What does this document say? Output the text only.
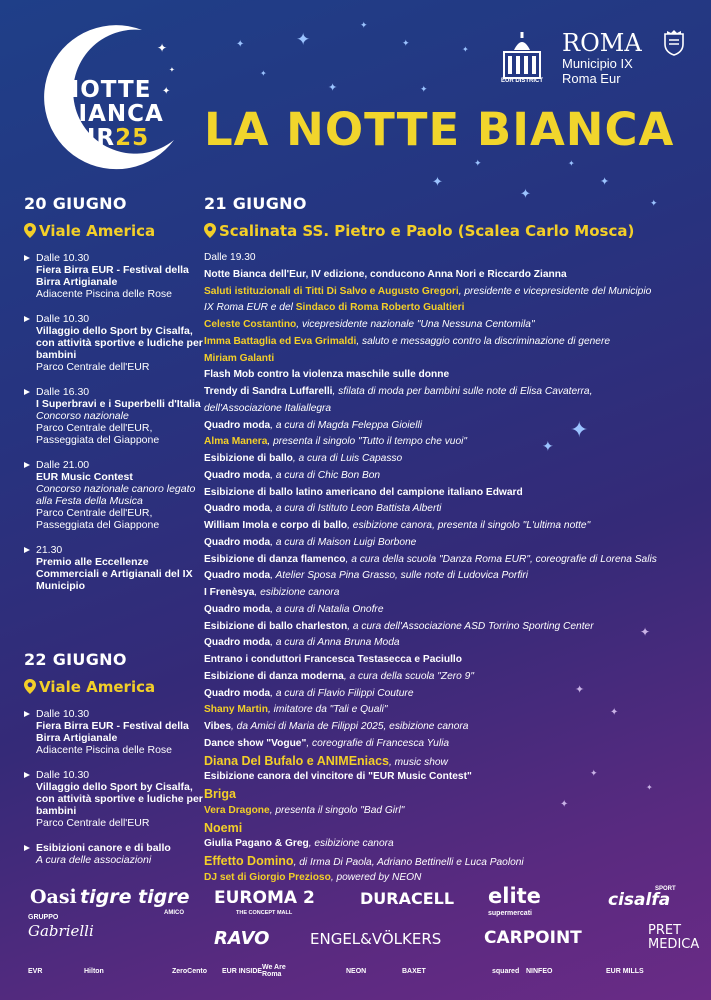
✦	✦
✦
✦
✦
✦	✦
✦
✦
✦
✦
✦	✦
✦
✦
✦
✦
✦
✦
✦
✦
✦
✦
✦
✦
NOTTE
BIANCA
EUR25
EUR DISTRICT
ROMA
Municipio IX
Roma Eur
LA NOTTE BIANCA
20 GIUGNO
Viale America
Dalle 10.30
Fiera Birra EUR - Festival della Birra Artigianale
Adiacente Piscina delle Rose
Dalle 10.30
Villaggio dello Sport by Cisalfa, con attività sportive e ludiche per bambini
Parco Centrale dell'EUR
Dalle 16.30
I Superbravi e i Superbelli d'Italia
Concorso nazionale
Parco Centrale dell'EUR, Passeggiata del Giappone
Dalle 21.00
EUR Music Contest
Concorso nazionale canoro legato alla Festa della Musica
Parco Centrale dell'EUR, Passeggiata del Giappone
21.30
Premio alle Eccellenze Commerciali e Artigianali del IX Municipio
22 GIUGNO
Viale America
Dalle 10.30
Fiera Birra EUR - Festival della Birra Artigianale
Adiacente Piscina delle Rose
Dalle 10.30
Villaggio dello Sport by Cisalfa, con attività sportive e ludiche per bambini
Parco Centrale dell'EUR
Esibizioni canore e di ballo
A cura delle associazioni
21 GIUGNO
Scalinata SS. Pietro e Paolo (Scalea Carlo Mosca)
Dalle 19.30
Notte Bianca dell'Eur, IV edizione, conducono Anna Nori e Riccardo Zianna
Saluti istituzionali di Titti Di Salvo e Augusto Gregori, presidente e vicepresidente del Municipio
IX Roma EUR e del Sindaco di Roma Roberto Gualtieri
Celeste Costantino, vicepresidente nazionale "Una Nessuna Centomila"
Imma Battaglia ed Eva Grimaldi, saluto e messaggio contro la discriminazione di genere
Miriam Galanti
Flash Mob contro la violenza maschile sulle donne
Trendy di Sandra Luffarelli, sfilata di moda per bambini sulle note di Elisa Cavaterra,
dell'Associazione Italiallegra
Quadro moda, a cura di Magda Feleppa Gioielli
Alma Manera, presenta il singolo "Tutto il tempo che vuoi"
Esibizione di ballo, a cura di Luis Capasso
Quadro moda, a cura di Chic Bon Bon
Esibizione di ballo latino americano del campione italiano Edward
Quadro moda, a cura di Istituto Leon Battista Alberti
William Imola e corpo di ballo, esibizione canora, presenta il singolo "L'ultima notte"
Quadro moda, a cura di Maison Luigi Borbone
Esibizione di danza flamenco, a cura della scuola "Danza Roma EUR", coreografie di Lorena Salis
Quadro moda, Atelier Sposa Pina Grasso, sulle note di Ludovica Porfiri
I Frenèsya, esibizione canora
Quadro moda, a cura di Natalia Onofre
Esibizione di ballo charleston, a cura dell'Associazione ASD Torrino Sporting Center
Quadro moda, a cura di Anna Bruna Moda
Entrano i conduttori Francesca Testasecca e Paciullo
Esibizione di danza moderna, a cura della scuola "Zero 9"
Quadro moda, a cura di Flavio Filippi Couture
Shany Martin, imitatore da "Tali e Quali"
Vibes, da Amici di Maria de Filippi 2025, esibizione canora
Dance show "Vogue", coreografie di Francesca Yulia
Diana Del Bufalo e ANIMEniacs, music show
Esibizione canora del vincitore di "EUR Music Contest"
Briga
Vera Dragone, presenta il singolo "Bad Girl"
Noemi
Giulia Pagano & Greg, esibizione canora
Effetto Domino, di Irma Di Paola, Adriano Bettinelli e Luca Paoloni
DJ set di Giorgio Prezioso, powered by NEON
Oasi
GRUPPO
Gabrielli
tigre tigre
AMICO
EUROMA 2
THE CONCEPT MALL
DURACELL elite
supermercati
cisalfa
SPORT
RAVO	ENGEL&VÖLKERS	CARPOINT	PRET MEDICA
EVR	Hilton	ZeroCento EUR INSIDE
We Are Roma	NEON	BAXET	squared NINFEO	EUR MILLS
